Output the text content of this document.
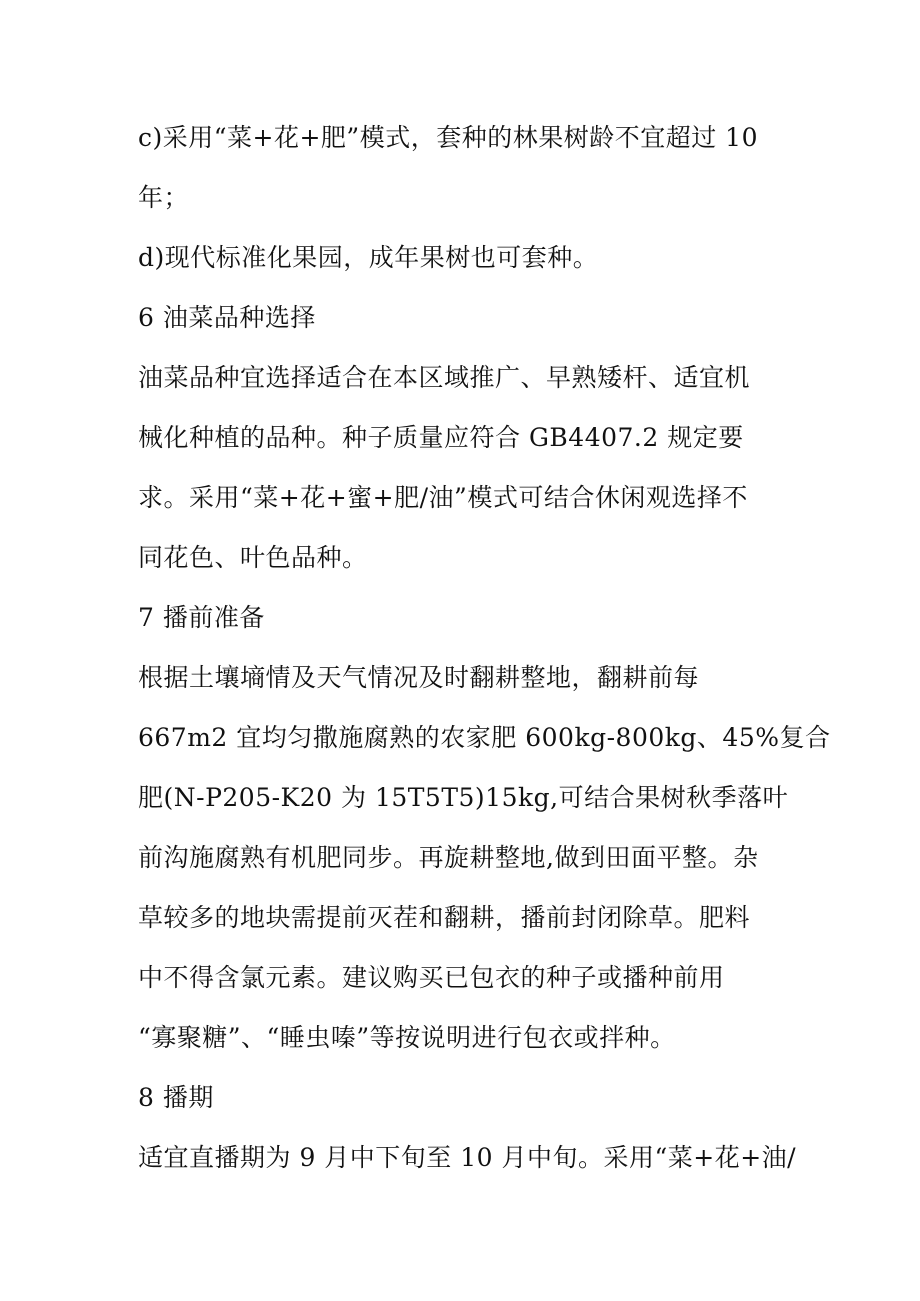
c)采用“菜+花+肥”模式，套种的林果树龄不宜超过 10
年；
d)现代标准化果园，成年果树也可套种。
6 油菜品种选择
油菜品种宜选择适合在本区域推广、早熟矮杆、适宜机
械化种植的品种。种子质量应符合 GB4407.2 规定要
求。采用“菜+花+蜜+肥/油”模式可结合休闲观选择不
同花色、叶色品种。
7 播前准备
根据土壤墒情及天气情况及时翻耕整地，翻耕前每
667m2 宜均匀撒施腐熟的农家肥 600kg-800kg、45%复合
肥(N-P205-K20 为 15T5T5)15kg,可结合果树秋季落叶
前沟施腐熟有机肥同步。再旋耕整地,做到田面平整。杂
草较多的地块需提前灭茬和翻耕，播前封闭除草。肥料
中不得含氯元素。建议购买已包衣的种子或播种前用
“寡聚糖”、“睡虫嗪”等按说明进行包衣或拌种。
8 播期
适宜直播期为 9 月中下旬至 10 月中旬。采用“菜+花+油/
